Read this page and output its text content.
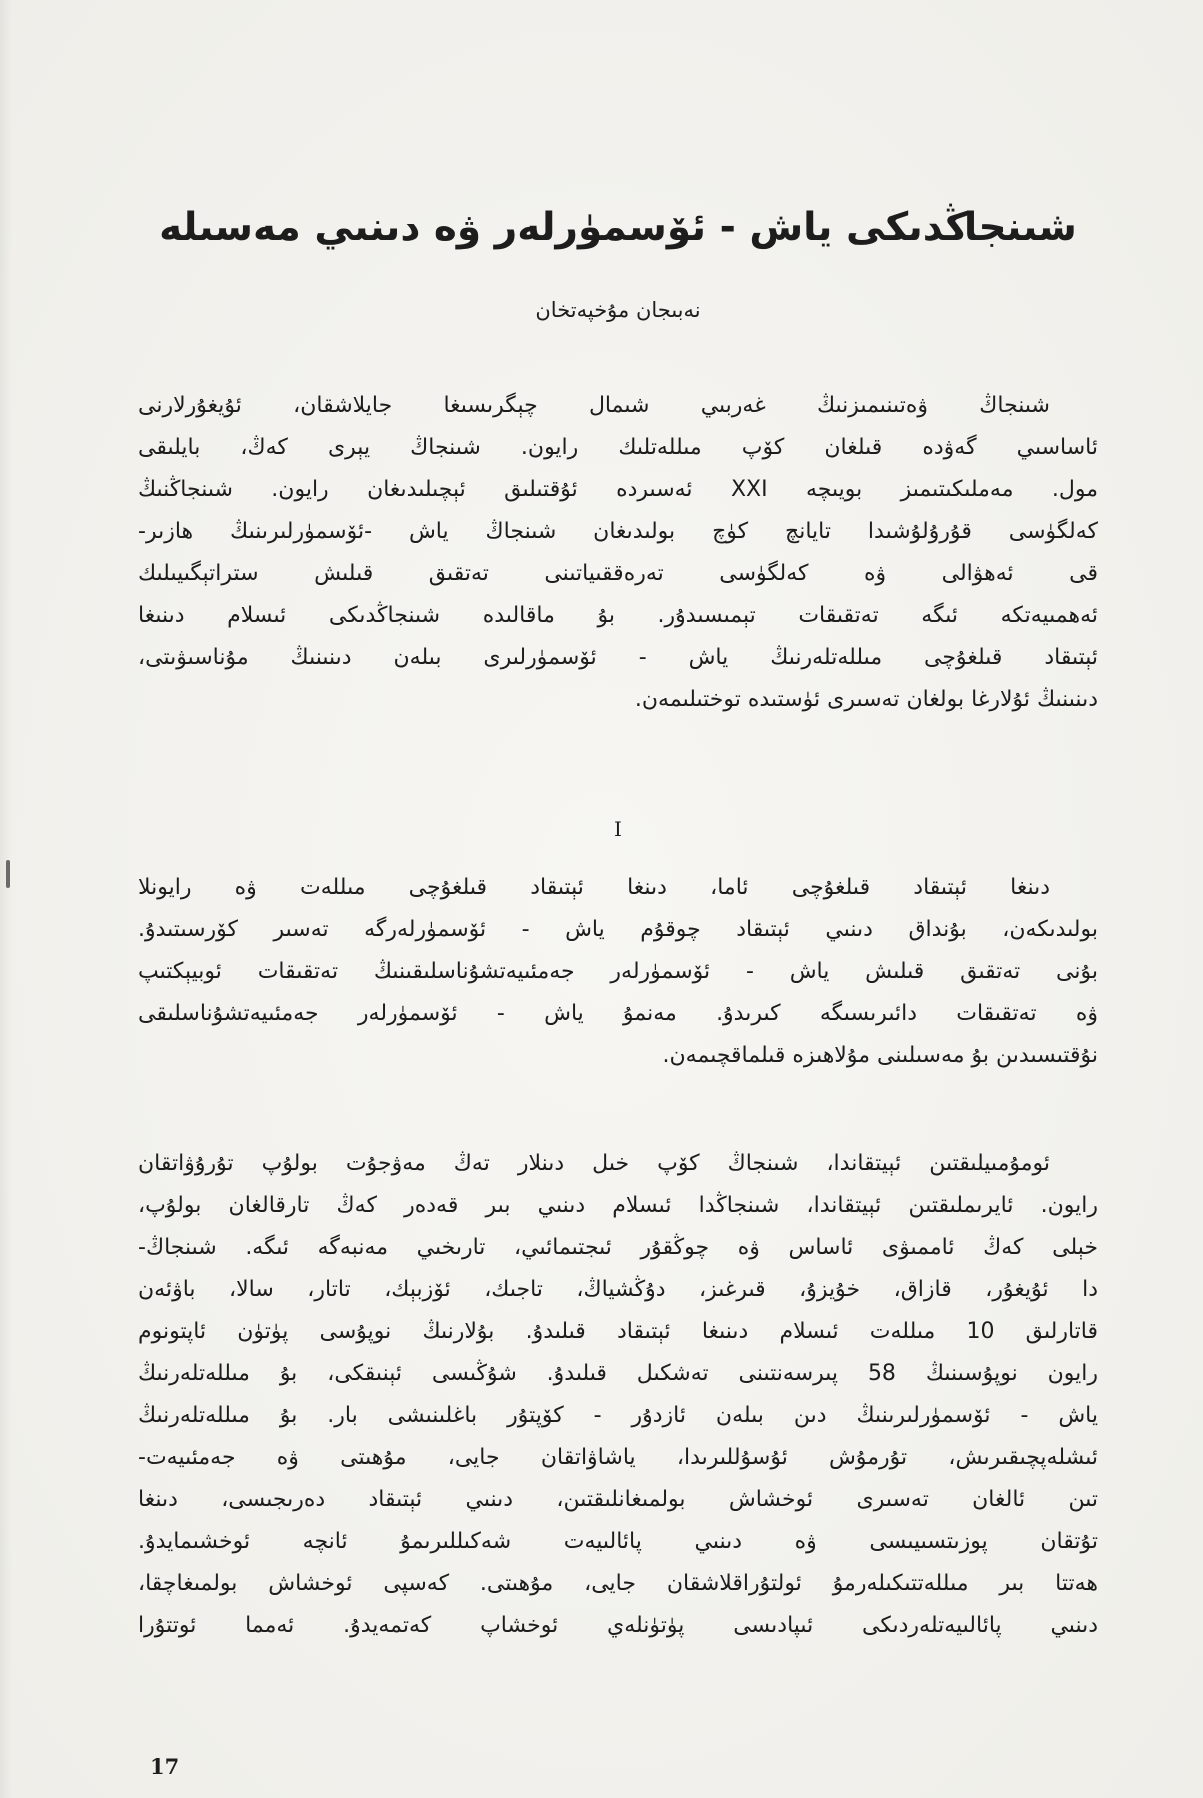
شىنجاڭدىكى ياش - ئۆسمۈرلەر ۋە دىنىي مەسىلە
نەبىجان مۇخپەتخان
شىنجاڭ ۋەتىنىمىزنىڭ غەربىي شىمال چېگرىسىغا جايلاشقان، ئۇيغۇرلارنى
ئاساسىي گەۋدە قىلغان كۆپ مىللەتلىك رايون. شىنجاڭ يېرى كەڭ، بايلىقى
مول. مەملىكىتىمىز بويىچە XXI ئەسىردە ئۇقتىلىق ئېچىلىدىغان رايون. شىنجاڭنىڭ
كەلگۈسى قۇرۇلۇشىدا تايانچ كۈچ بولىدىغان شىنجاڭ ياش -ئۆسمۈرلىرىنىڭ ھازىر-
قى ئەھۋالى ۋە كەلگۈسى تەرەققىياتىنى تەتقىق قىلىش ستراتېگىيىلىك
ئەھمىيەتكە ئىگە تەتقىقات تېمىسىدۇر. بۇ ماقالىدە شىنجاڭدىكى ئىسلام دىنىغا
ئېتىقاد قىلغۇچى مىللەتلەرنىڭ ياش - ئۆسمۈرلىرى بىلەن دىنىنىڭ مۇناسىۋىتى،
دىنىنىڭ ئۇلارغا بولغان تەسىرى ئۈستىدە توختىلىمەن.
I
دىنغا ئېتىقاد قىلغۇچى ئاما، دىنغا ئېتىقاد قىلغۇچى مىللەت ۋە رايونلا
بولىدىكەن، بۇنداق دىنىي ئېتىقاد چوقۇم ياش - ئۆسمۈرلەرگە تەسىر كۆرسىتىدۇ.
بۇنى تەتقىق قىلىش ياش - ئۆسمۈرلەر جەمئىيەتشۇناسلىقىنىڭ تەتقىقات ئوبيېكتىپ
ۋە تەتقىقات دائىرىسىگە كىرىدۇ. مەنمۇ ياش - ئۆسمۈرلەر جەمئىيەتشۇناسلىقى
نۇقتىسىدىن بۇ مەسىلىنى مۇلاھىزە قىلماقچىمەن.
ئومۇمىيلىقتىن ئېيتقاندا، شىنجاڭ كۆپ خىل دىنلار تەڭ مەۋجۇت بولۇپ تۇرۇۋاتقان
رايون. ئايرىملىقتىن ئېيتقاندا، شىنجاڭدا ئىسلام دىنىي بىر قەدەر كەڭ تارقالغان بولۇپ،
خېلى كەڭ ئاممىۋى ئاساس ۋە چوڭقۇر ئىجتىمائىي، تارىخىي مەنبەگە ئىگە. شىنجاڭ-
دا ئۇيغۇر، قازاق، خۇيزۇ، قىرغىز، دۇڭشياڭ، تاجىك، ئۆزبېك، تاتار، سالا، باۋئەن
قاتارلىق 10 مىللەت ئىسلام دىنىغا ئېتىقاد قىلىدۇ. بۇلارنىڭ نوپۇسى پۈتۈن ئاپتونوم
رايون نوپۇسىنىڭ 58 پىرسەنتىنى تەشكىل قىلىدۇ. شۇڭىسى ئېنىقكى، بۇ مىللەتلەرنىڭ
ياش - ئۆسمۈرلىرىنىڭ دىن بىلەن ئازدۇر - كۆپتۇر باغلىنىشى بار. بۇ مىللەتلەرنىڭ
ئىشلەپچىقىرىش، تۇرمۇش ئۇسۇللىرىدا، ياشاۋاتقان جايى، مۇھىتى ۋە جەمئىيەت-
تىن ئالغان تەسىرى ئوخشاش بولمىغانلىقتىن، دىنىي ئېتىقاد دەرىجىسى، دىنغا
تۇتقان پوزىتسىيىسى ۋە دىنىي پائالىيەت شەكىللىرىمۇ ئانچە ئوخشىمايدۇ.
ھەتتا بىر مىللەتتىكىلەرمۇ ئولتۇراقلاشقان جايى، مۇھىتى. كەسپى ئوخشاش بولمىغاچقا،
دىنىي پائالىيەتلەردىكى ئىپادىسى پۈتۈنلەي ئوخشاپ كەتمەيدۇ. ئەمما ئوتتۇرا
17
